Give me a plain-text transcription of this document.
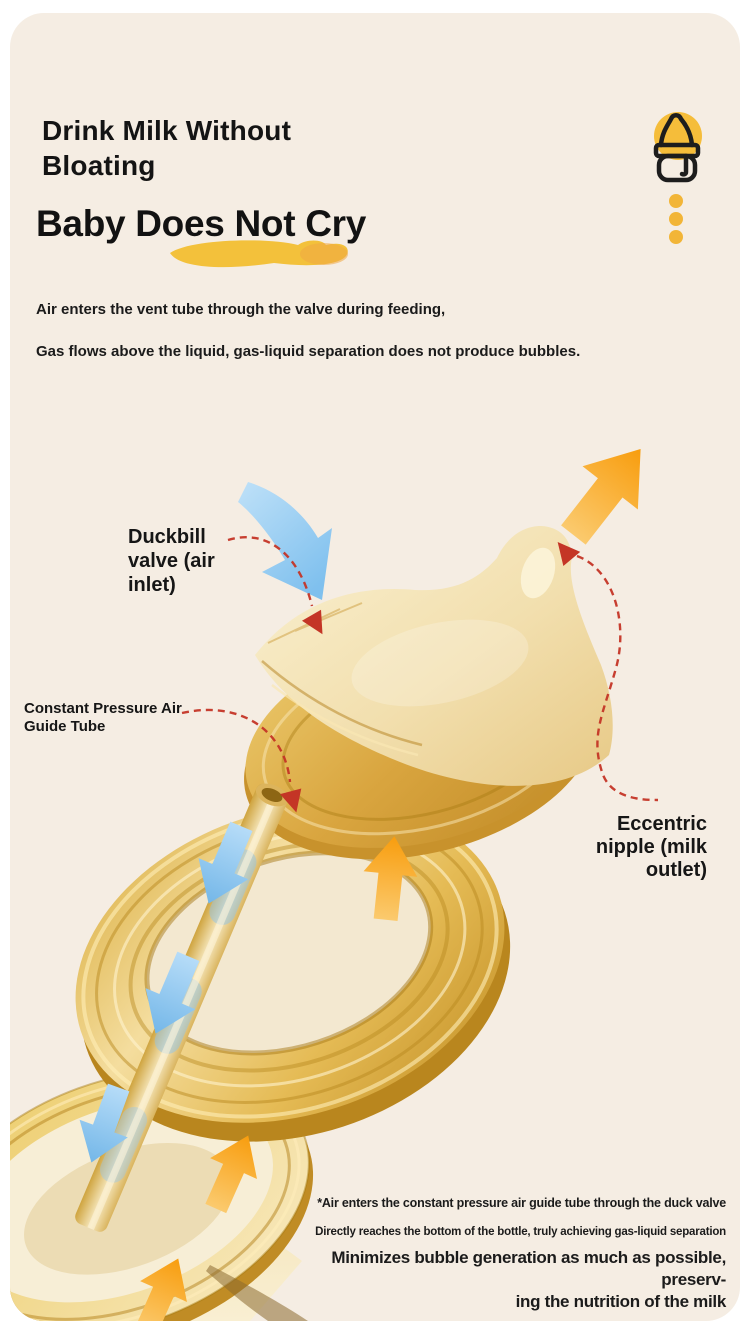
Drink Milk Without
Bloating
Baby Does Not Cry
Air enters the vent tube through the valve during feeding,
Gas flows above the liquid, gas-liquid separation does not produce bubbles.
Duckbill
valve (air
inlet)
Constant Pressure Air
Guide Tube
Eccentric
nipple (milk
outlet)
*Air enters the constant pressure air guide tube through the duck valve
Directly reaches the bottom of the bottle, truly achieving gas-liquid separation
Minimizes bubble generation as much as possible, preserv-
ing the nutrition of the milk
